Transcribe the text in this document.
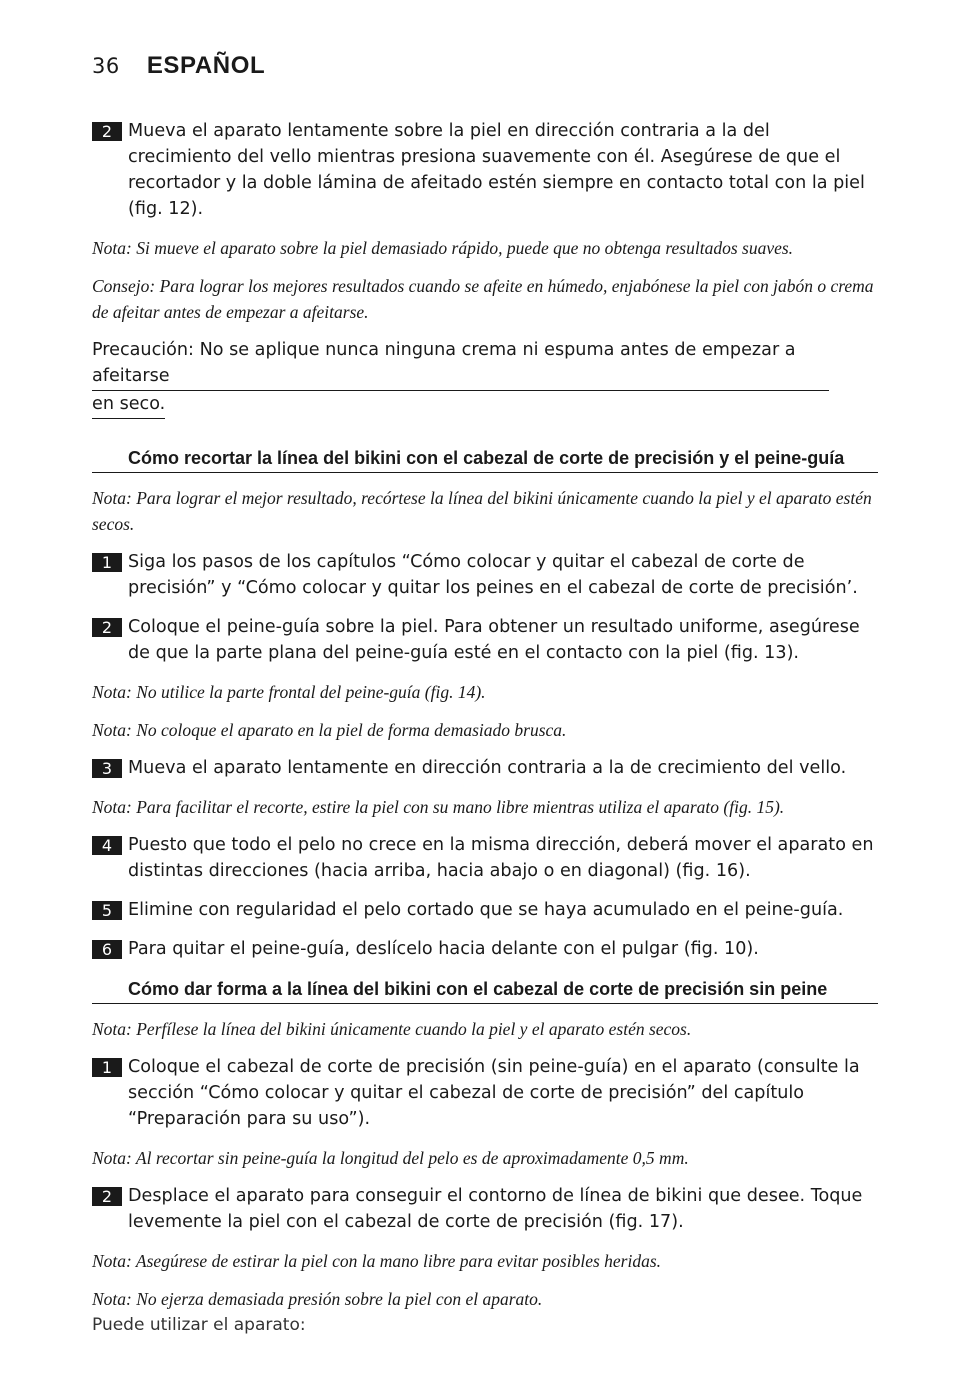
36 ESPAÑOL
2 Mueva el aparato lentamente sobre la piel en dirección contraria a la del crecimiento del vello mientras presiona suavemente con él. Asegúrese de que el recortador y la doble lámina de afeitado estén siempre en contacto total con la piel (fig. 12).
Nota: Si mueve el aparato sobre la piel demasiado rápido, puede que no obtenga resultados suaves.
Consejo: Para lograr los mejores resultados cuando se afeite en húmedo, enjabónese la piel con jabón o crema de afeitar antes de empezar a afeitarse.
Precaución: No se aplique nunca ninguna crema ni espuma antes de empezar a afeitarse
en seco.
Cómo recortar la línea del bikini con el cabezal de corte de precisión y el peine-guía
Nota: Para lograr el mejor resultado, recórtese la línea del bikini únicamente cuando la piel y el aparato estén secos.
1 Siga los pasos de los capítulos “Cómo colocar y quitar el cabezal de corte de precisión” y “Cómo colocar y quitar los peines en el cabezal de corte de precisión’.
2 Coloque el peine-guía sobre la piel. Para obtener un resultado uniforme, asegúrese de que la parte plana del peine-guía esté en el contacto con la piel (fig. 13).
Nota: No utilice la parte frontal del peine-guía (fig. 14).
Nota: No coloque el aparato en la piel de forma demasiado brusca.
3 Mueva el aparato lentamente en dirección contraria a la de crecimiento del vello.
Nota: Para facilitar el recorte, estire la piel con su mano libre mientras utiliza el aparato (fig. 15).
4 Puesto que todo el pelo no crece en la misma dirección, deberá mover el aparato en distintas direcciones (hacia arriba, hacia abajo o en diagonal) (fig. 16).
5 Elimine con regularidad el pelo cortado que se haya acumulado en el peine-guía.
6 Para quitar el peine-guía, deslícelo hacia delante con el pulgar (fig. 10).
Cómo dar forma a la línea del bikini con el cabezal de corte de precisión sin peine
Nota: Perfílese la línea del bikini únicamente cuando la piel y el aparato estén secos.
1 Coloque el cabezal de corte de precisión (sin peine-guía) en el aparato (consulte la sección “Cómo colocar y quitar el cabezal de corte de precisión” del capítulo “Preparación para su uso”).
Nota: Al recortar sin peine-guía la longitud del pelo es de aproximadamente 0,5 mm.
2 Desplace el aparato para conseguir el contorno de línea de bikini que desee. Toque levemente la piel con el cabezal de corte de precisión (fig. 17).
Nota: Asegúrese de estirar la piel con la mano libre para evitar posibles heridas.
Nota: No ejerza demasiada presión sobre la piel con el aparato.
Puede utilizar el aparato:
